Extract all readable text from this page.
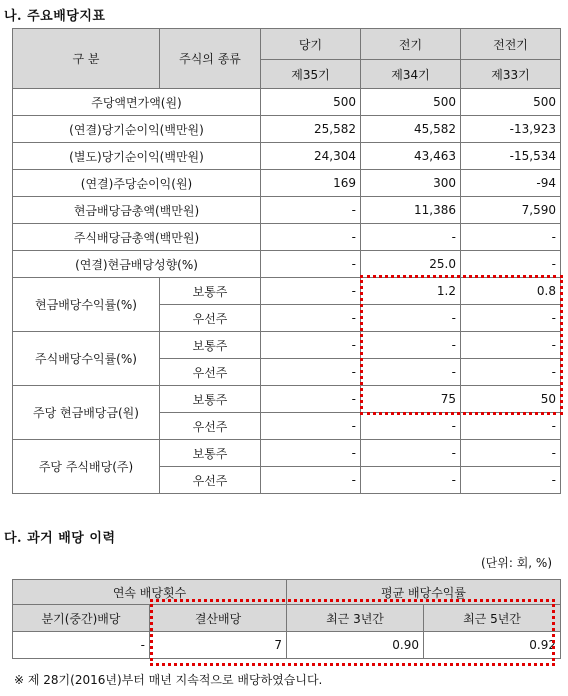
나. 주요배당지표
구 분	주식의 종류	당기	전기	전전기
		제35기	제34기	제33기
주당액면가액(원)		500	500	500
(연결)당기순이익(백만원)		25,582	45,582	-13,923
(별도)당기순이익(백만원)		24,304	43,463	-15,534
(연결)주당순이익(원)		169	300	-94
현금배당금총액(백만원)		-	11,386	7,590
주식배당금총액(백만원)		-	-	-
(연결)현금배당성향(%)		-	25.0	-
현금배당수익률(%)	보통주	-	1.2	0.8
	우선주	-	-	-
주식배당수익률(%)	보통주	-	-	-
	우선주	-	-	-
주당 현금배당금(원)	보통주	-	75	50
	우선주	-	-	-
주당 주식배당(주)	보통주	-	-	-
	우선주	-	-	-
다. 과거 배당 이력
(단위: 회, %)
연속 배당횟수		평균 배당수익률	
분기(중간)배당	결산배당	최근 3년간	최근 5년간
-	7	0.90	0.92
※ 제 28기(2016년)부터 매년 지속적으로 배당하였습니다.
